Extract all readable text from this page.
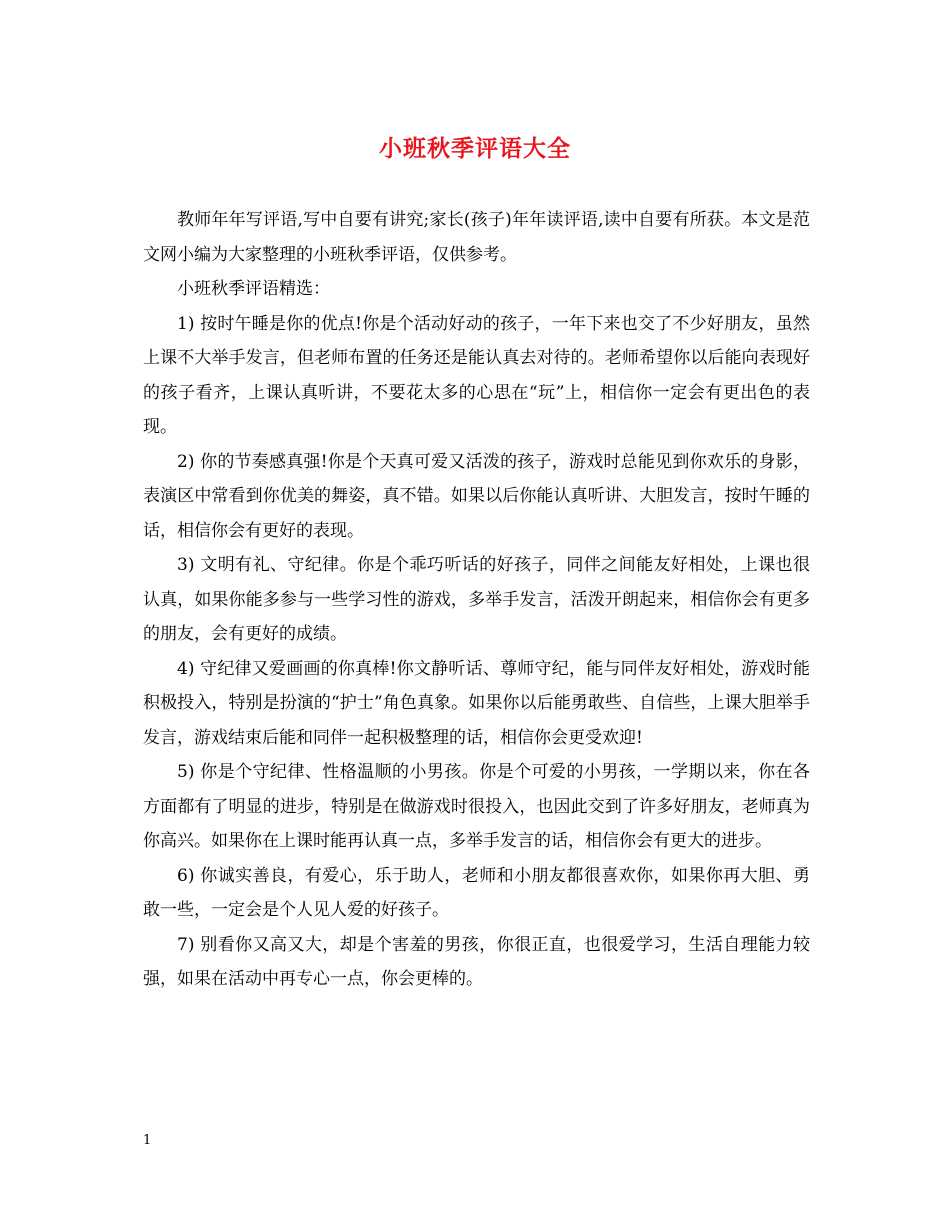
小班秋季评语大全

教师年年写评语,写中自要有讲究;家长(孩子)年年读评语,读中自要有所获。本文是范文网小编为大家整理的小班秋季评语，仅供参考。

小班秋季评语精选：

1) 按时午睡是你的优点!你是个活动好动的孩子，一年下来也交了不少好朋友，虽然上课不大举手发言，但老师布置的任务还是能认真去对待的。老师希望你以后能向表现好的孩子看齐，上课认真听讲，不要花太多的心思在“玩”上，相信你一定会有更出色的表现。

2) 你的节奏感真强!你是个天真可爱又活泼的孩子，游戏时总能见到你欢乐的身影，表演区中常看到你优美的舞姿，真不错。如果以后你能认真听讲、大胆发言，按时午睡的话，相信你会有更好的表现。

3) 文明有礼、守纪律。你是个乖巧听话的好孩子，同伴之间能友好相处，上课也很认真，如果你能多参与一些学习性的游戏，多举手发言，活泼开朗起来，相信你会有更多的朋友，会有更好的成绩。

4) 守纪律又爱画画的你真棒!你文静听话、尊师守纪，能与同伴友好相处，游戏时能积极投入，特别是扮演的“护士”角色真象。如果你以后能勇敢些、自信些，上课大胆举手发言，游戏结束后能和同伴一起积极整理的话，相信你会更受欢迎!

5) 你是个守纪律、性格温顺的小男孩。你是个可爱的小男孩，一学期以来，你在各方面都有了明显的进步，特别是在做游戏时很投入，也因此交到了许多好朋友，老师真为你高兴。如果你在上课时能再认真一点，多举手发言的话，相信你会有更大的进步。

6) 你诚实善良，有爱心，乐于助人，老师和小朋友都很喜欢你，如果你再大胆、勇敢一些，一定会是个人见人爱的好孩子。

7) 别看你又高又大，却是个害羞的男孩，你很正直，也很爱学习，生活自理能力较强，如果在活动中再专心一点，你会更棒的。

1
